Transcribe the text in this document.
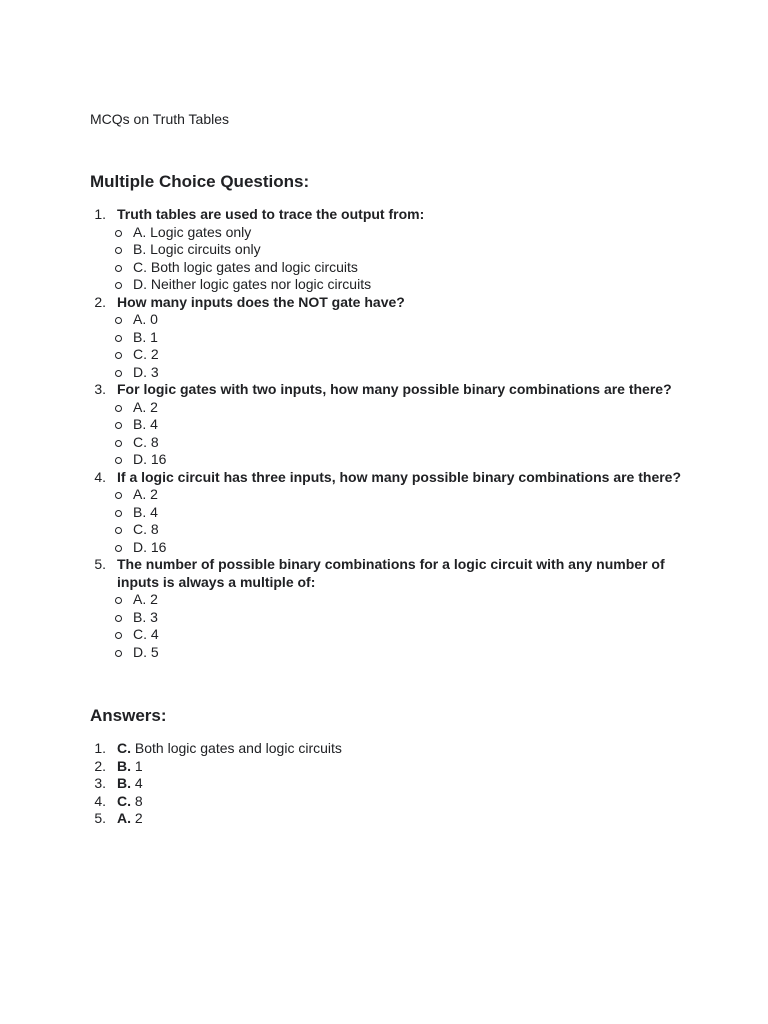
MCQs on Truth Tables

Multiple Choice Questions:
1. Truth tables are used to trace the output from:
A. Logic gates only
B. Logic circuits only
C. Both logic gates and logic circuits
D. Neither logic gates nor logic circuits
2. How many inputs does the NOT gate have?
A. 0
B. 1
C. 2
D. 3
3. For logic gates with two inputs, how many possible binary combinations are there?
A. 2
B. 4
C. 8
D. 16
4. If a logic circuit has three inputs, how many possible binary combinations are there?
A. 2
B. 4
C. 8
D. 16
5. The number of possible binary combinations for a logic circuit with any number of inputs is always a multiple of:
A. 2
B. 3
C. 4
D. 5
Answers:
1. C. Both logic gates and logic circuits
2. B. 1
3. B. 4
4. C. 8
5. A. 2
